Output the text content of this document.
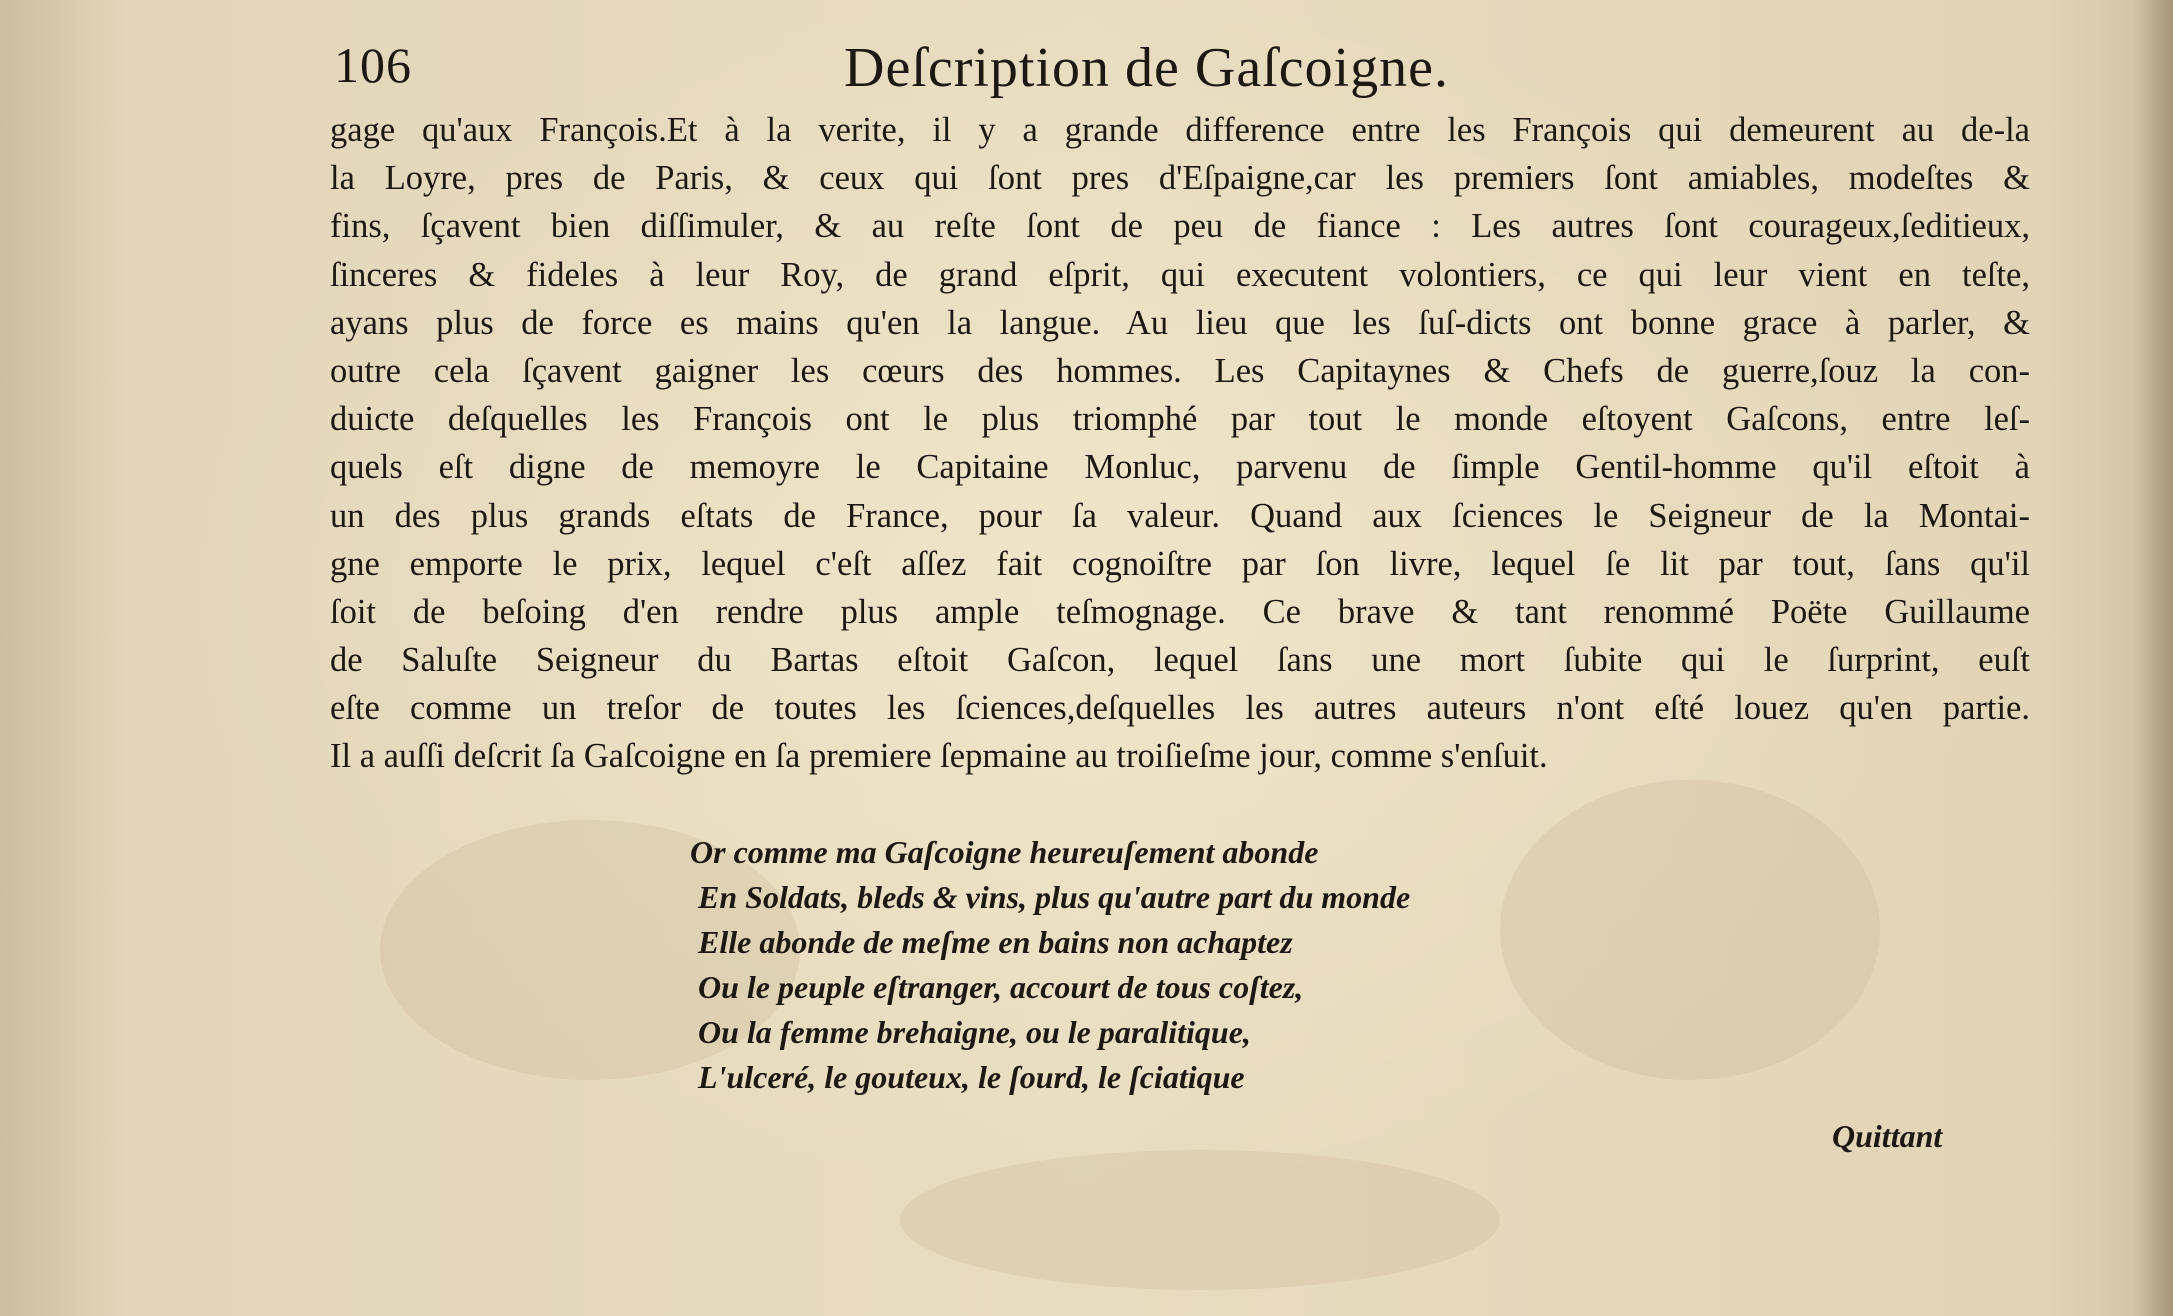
106	Deſcription de Gaſcoigne.
gage qu'aux François.Et à la verite, il y a grande difference entre les François qui demeurent au de-la
la Loyre, pres de Paris, & ceux qui ſont pres d'Eſpaigne,car les premiers ſont amiables, modeſtes &
fins, ſçavent bien diſſimuler, & au reſte ſont de peu de fiance : Les autres ſont courageux,ſeditieux,
ſinceres & fideles à leur Roy, de grand eſprit, qui executent volontiers, ce qui leur vient en teſte,
ayans plus de force es mains qu'en la langue. Au lieu que les ſuſ-dicts ont bonne grace à parler, &
outre cela ſçavent gaigner les cœurs des hommes. Les Capitaynes & Chefs de guerre,ſouz la con-
duicte deſquelles les François ont le plus triomphé par tout le monde eſtoyent Gaſcons, entre leſ-
quels eſt digne de memoyre le Capitaine Monluc, parvenu de ſimple Gentil-homme qu'il eſtoit à
un des plus grands eſtats de France, pour ſa valeur. Quand aux ſciences le Seigneur de la Montai-
gne emporte le prix, lequel c'eſt aſſez fait cognoiſtre par ſon livre, lequel ſe lit par tout, ſans qu'il
ſoit de beſoing d'en rendre plus ample teſmognage. Ce brave & tant renommé Poëte Guillaume
de Saluſte Seigneur du Bartas eſtoit Gaſcon, lequel ſans une mort ſubite qui le ſurprint, euſt
eſte comme un treſor de toutes les ſciences,deſquelles les autres auteurs n'ont eſté louez qu'en partie.
Il a auſſi deſcrit ſa Gaſcoigne en ſa premiere ſepmaine au troiſieſme jour, comme s'enſuit.
Or comme ma Gaſcoigne heureuſement abonde
En Soldats, bleds & vins, plus qu'autre part du monde
Elle abonde de meſme en bains non achaptez
Ou le peuple eſtranger, accourt de tous coſtez,
Ou la femme brehaigne, ou le paralitique,
L'ulceré, le gouteux, le ſourd, le ſciatique
Quittant
